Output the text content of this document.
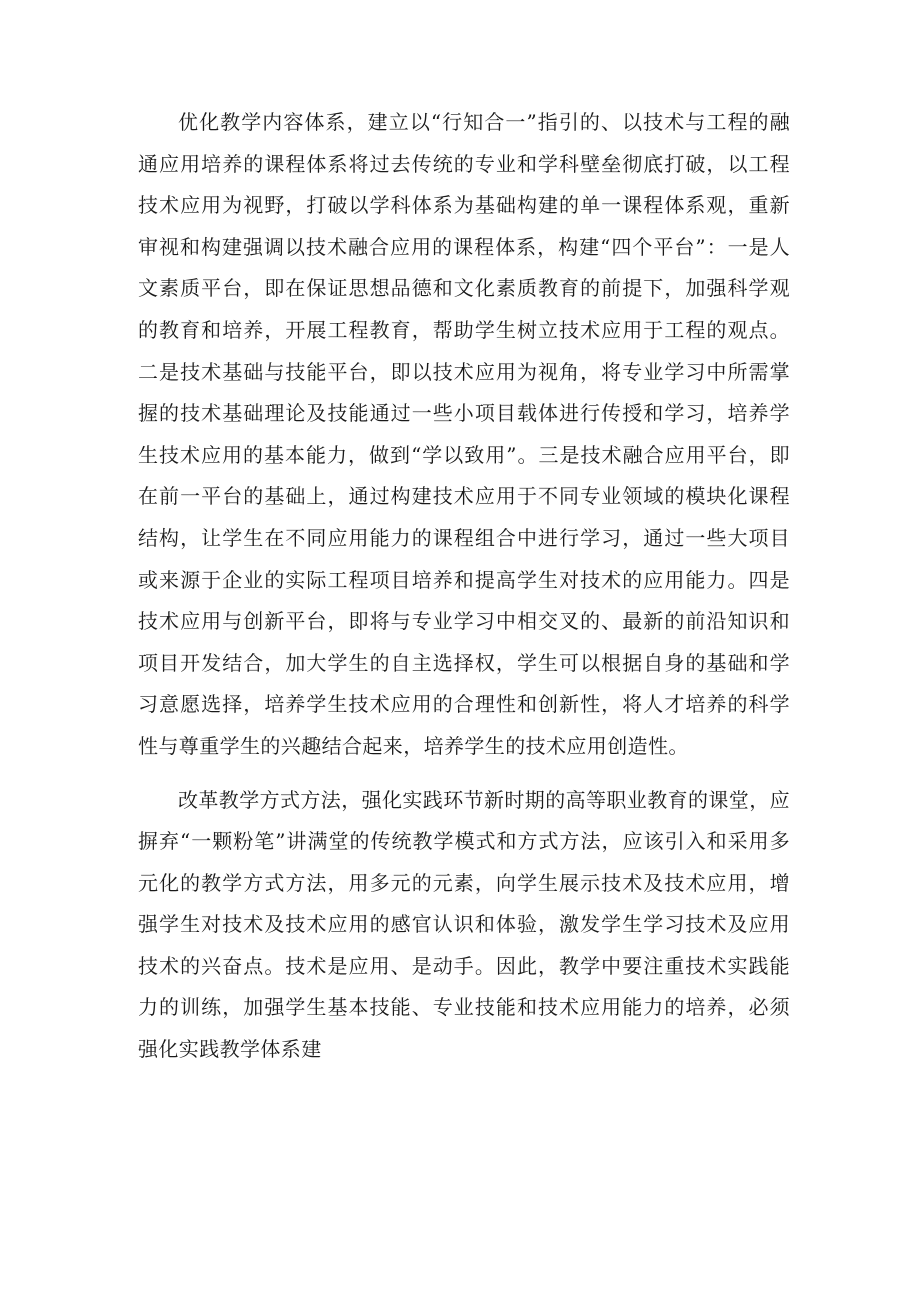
优化教学内容体系，建立以“行知合一”指引的、以技术与工程的融通应用培养的课程体系将过去传统的专业和学科壁垒彻底打破，以工程技术应用为视野，打破以学科体系为基础构建的单一课程体系观，重新审视和构建强调以技术融合应用的课程体系，构建“四个平台”：一是人文素质平台，即在保证思想品德和文化素质教育的前提下，加强科学观的教育和培养，开展工程教育，帮助学生树立技术应用于工程的观点。二是技术基础与技能平台，即以技术应用为视角，将专业学习中所需掌握的技术基础理论及技能通过一些小项目载体进行传授和学习，培养学生技术应用的基本能力，做到“学以致用”。三是技术融合应用平台，即在前一平台的基础上，通过构建技术应用于不同专业领域的模块化课程结构，让学生在不同应用能力的课程组合中进行学习，通过一些大项目或来源于企业的实际工程项目培养和提高学生对技术的应用能力。四是技术应用与创新平台，即将与专业学习中相交叉的、最新的前沿知识和项目开发结合，加大学生的自主选择权，学生可以根据自身的基础和学习意愿选择，培养学生技术应用的合理性和创新性，将人才培养的科学性与尊重学生的兴趣结合起来，培养学生的技术应用创造性。

改革教学方式方法，强化实践环节新时期的高等职业教育的课堂，应摒弃“一颗粉笔”讲满堂的传统教学模式和方式方法，应该引入和采用多元化的教学方式方法，用多元的元素，向学生展示技术及技术应用，增强学生对技术及技术应用的感官认识和体验，激发学生学习技术及应用技术的兴奋点。技术是应用、是动手。因此，教学中要注重技术实践能力的训练，加强学生基本技能、专业技能和技术应用能力的培养，必须强化实践教学体系建
